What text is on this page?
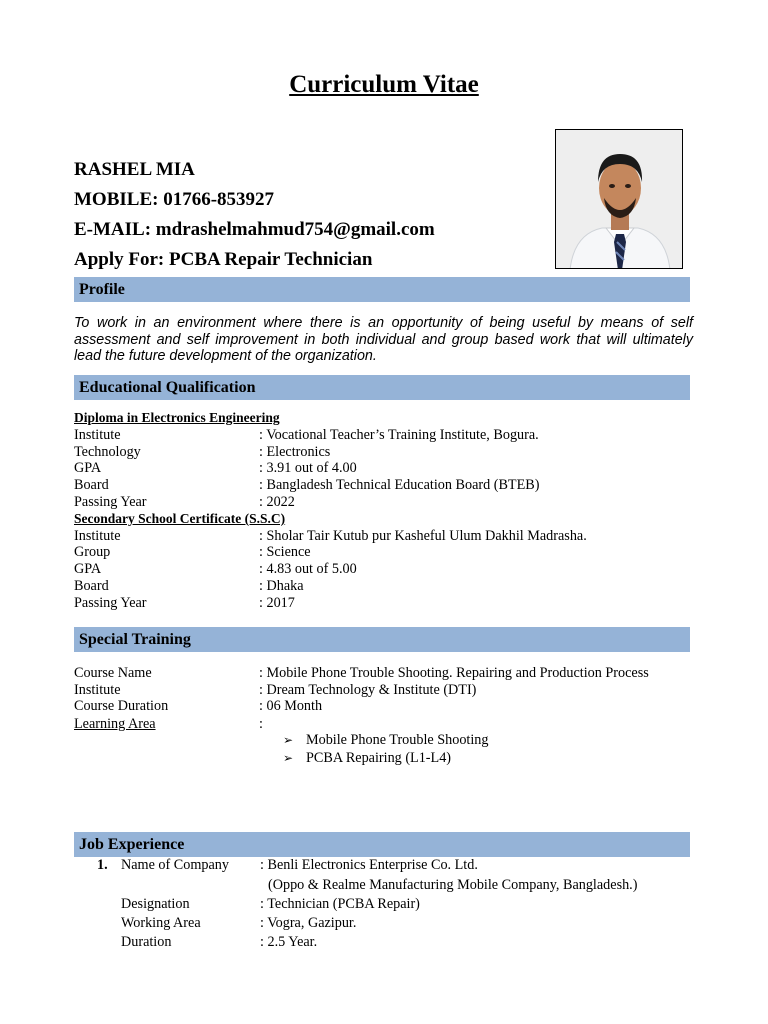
Curriculum Vitae
RASHEL MIA
MOBILE: 01766-853927
E-MAIL: mdrashelmahmud754@gmail.com
Apply For: PCBA Repair Technician
Profile
To work in an environment where there is an opportunity of being useful by means of self assessment and self improvement in both individual and group based work that will ultimately lead the future development of the organization.
Educational Qualification
Diploma in Electronics Engineering
Institute	: Vocational Teacher’s Training Institute, Bogura.
Technology	: Electronics
GPA	: 3.91 out of 4.00
Board	: Bangladesh Technical Education Board (BTEB)
Passing Year	: 2022
Secondary School Certificate (S.S.C)
Institute	: Sholar Tair Kutub pur Kasheful Ulum Dakhil Madrasha.
Group	: Science
GPA	: 4.83 out of 5.00
Board	: Dhaka
Passing Year	: 2017
Special Training
Course Name	: Mobile Phone Trouble Shooting. Repairing and Production Process
Institute	: Dream Technology & Institute (DTI)
Course Duration	: 06 Month
Learning Area	:
➢ Mobile Phone Trouble Shooting
➢ PCBA Repairing (L1-L4)
Job Experience
1. Name of Company : Benli Electronics Enterprise Co. Ltd.
(Oppo & Realme Manufacturing Mobile Company, Bangladesh.)
Designation	: Technician (PCBA Repair)
Working Area	: Vogra, Gazipur.
Duration	: 2.5 Year.
